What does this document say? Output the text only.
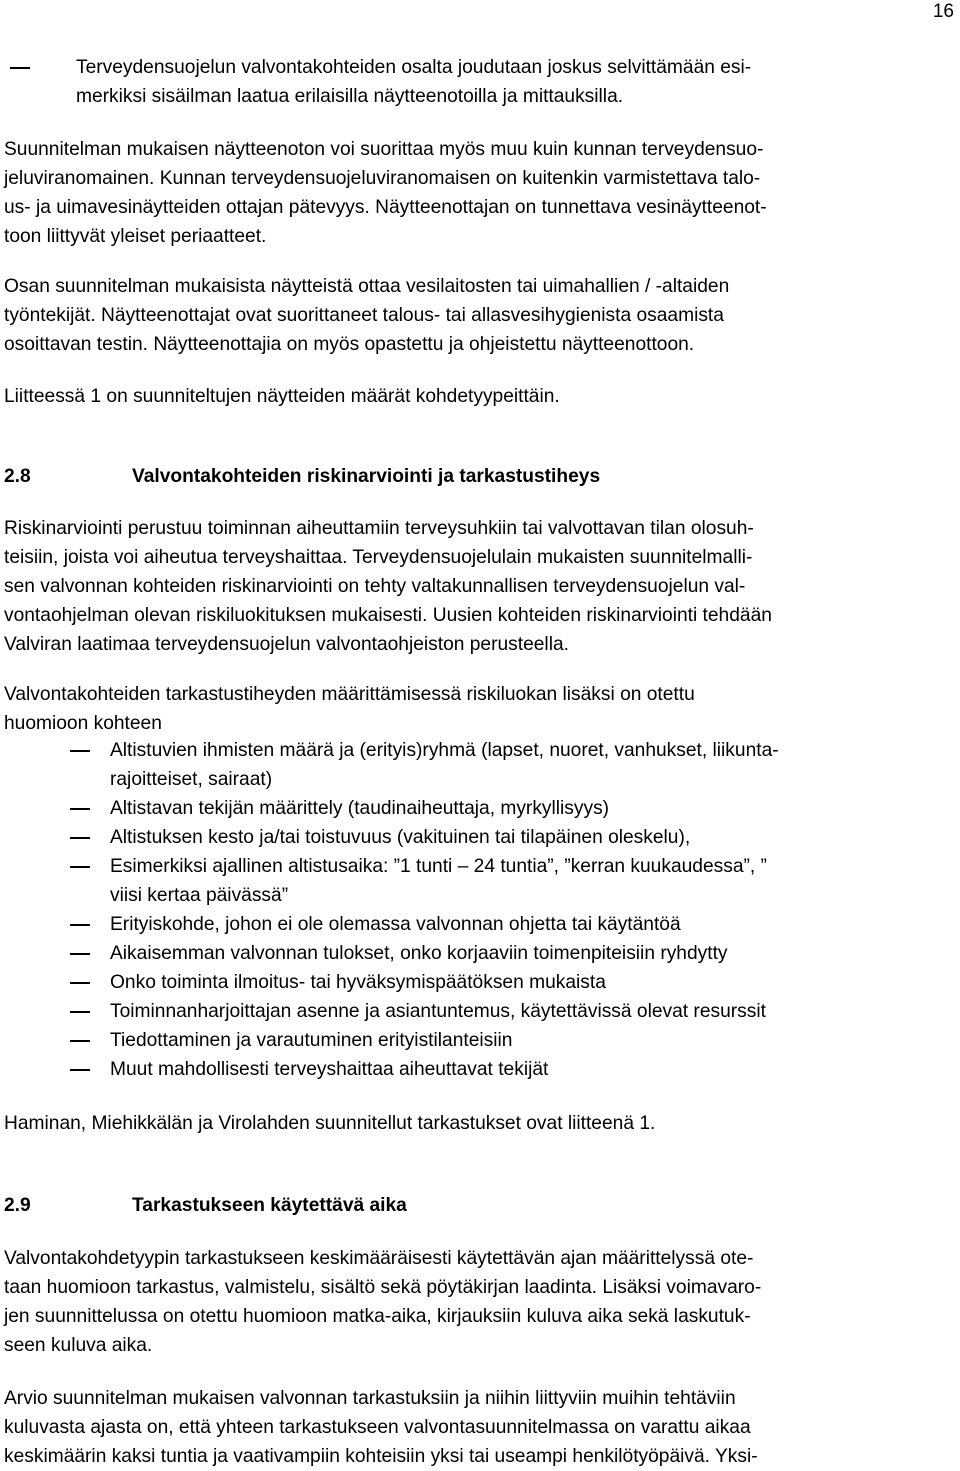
16
Terveydensuojelun valvontakohteiden osalta joudutaan joskus selvittämään esi-
merkiksi sisäilman laatua erilaisilla näytteenotoilla ja mittauksilla.
Suunnitelman mukaisen näytteenoton voi suorittaa myös muu kuin kunnan terveydensuo-
jeluviranomainen. Kunnan terveydensuojeluviranomaisen on kuitenkin varmistettava talo-
us- ja uimavesinäytteiden ottajan pätevyys. Näytteenottajan on tunnettava vesinäytteenot-
toon liittyvät yleiset periaatteet.
Osan suunnitelman mukaisista näytteistä ottaa vesilaitosten tai uimahallien / -altaiden
työntekijät. Näytteenottajat ovat suorittaneet talous- tai allasvesihygienista osaamista
osoittavan testin. Näytteenottajia on myös opastettu ja ohjeistettu näytteenottoon.
Liitteessä 1 on suunniteltujen näytteiden määrät kohdetyypeittäin.
2.8	Valvontakohteiden riskinarviointi ja tarkastustiheys
Riskinarviointi perustuu toiminnan aiheuttamiin terveysuhkiin tai valvottavan tilan olosuh-
teisiin, joista voi aiheutua terveyshaittaa. Terveydensuojelulain mukaisten suunnitelmalli-
sen valvonnan kohteiden riskinarviointi on tehty valtakunnallisen terveydensuojelun val-
vontaohjelman olevan riskiluokituksen mukaisesti. Uusien kohteiden riskinarviointi tehdään
Valviran laatimaa terveydensuojelun valvontaohjeiston perusteella.
Valvontakohteiden tarkastustiheyden määrittämisessä riskiluokan lisäksi on otettu
huomioon kohteen
Altistuvien ihmisten määrä ja (erityis)ryhmä (lapset, nuoret, vanhukset, liikunta-
rajoitteiset, sairaat)
Altistavan tekijän määrittely (taudinaiheuttaja, myrkyllisyys)
Altistuksen kesto ja/tai toistuvuus (vakituinen tai tilapäinen oleskelu),
Esimerkiksi ajallinen altistusaika: ”1 tunti – 24 tuntia”, ”kerran kuukaudessa”, ”
viisi kertaa päivässä”
Erityiskohde, johon ei ole olemassa valvonnan ohjetta tai käytäntöä
Aikaisemman valvonnan tulokset, onko korjaaviin toimenpiteisiin ryhdytty
Onko toiminta ilmoitus- tai hyväksymispäätöksen mukaista
Toiminnanharjoittajan asenne ja asiantuntemus, käytettävissä olevat resurssit
Tiedottaminen ja varautuminen erityistilanteisiin
Muut mahdollisesti terveyshaittaa aiheuttavat tekijät
Haminan, Miehikkälän ja Virolahden suunnitellut tarkastukset ovat liitteenä 1.
2.9	Tarkastukseen käytettävä aika
Valvontakohdetyypin tarkastukseen keskimääräisesti käytettävän ajan määrittelyssä ote-
taan huomioon tarkastus, valmistelu, sisältö sekä pöytäkirjan laadinta. Lisäksi voimavaro-
jen suunnittelussa on otettu huomioon matka-aika, kirjauksiin kuluva aika sekä laskutuk-
seen kuluva aika.
Arvio suunnitelman mukaisen valvonnan tarkastuksiin ja niihin liittyviin muihin tehtäviin
kuluvasta ajasta on, että yhteen tarkastukseen valvontasuunnitelmassa on varattu aikaa
keskimäärin kaksi tuntia ja vaativampiin kohteisiin yksi tai useampi henkilötyöpäivä. Yksi-
